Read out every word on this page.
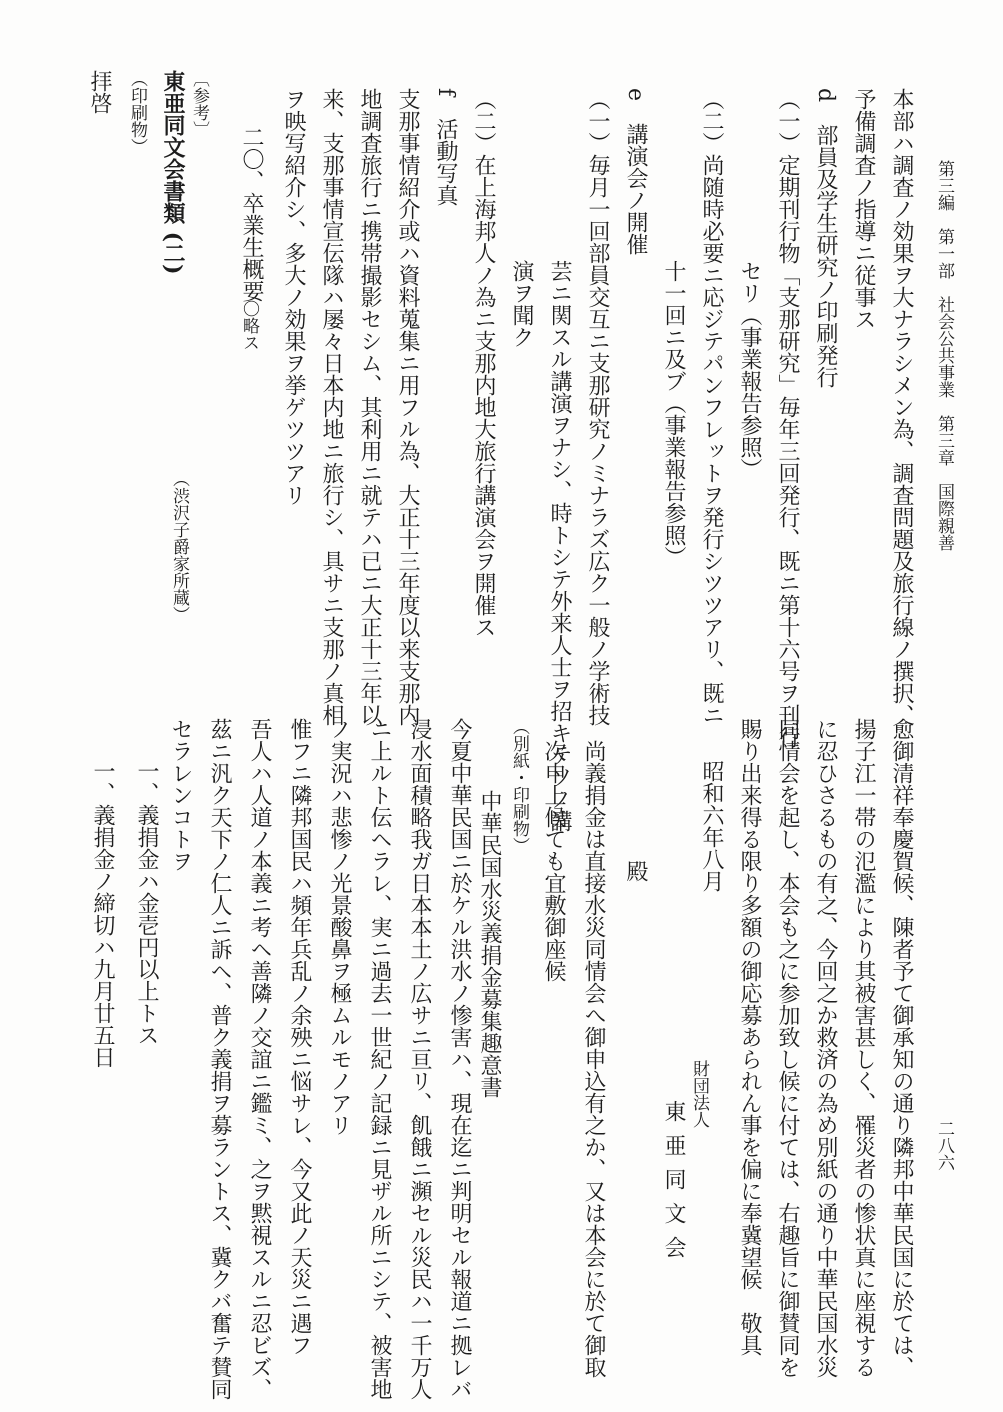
第三編　第一部　社会公共事業　第三章　国際親善
二八六
本部ハ調査ノ効果ヲ大ナラシメン為、調査問題及旅行線ノ撰択、
予備調査ノ指導ニ従事ス
d　部員及学生研究ノ印刷発行
（一）定期刊行物「支那研究」毎年三回発行、既ニ第十六号ヲ刊行
セリ（事業報告参照）
（二）尚随時必要ニ応ジテパンフレットヲ発行シツツアリ、既ニ
十一回ニ及ブ（事業報告参照）
e　講演会ノ開催
（一）毎月一回部員交互ニ支那研究ノミナラズ広ク一般ノ学術技
芸ニ関スル講演ヲナシ、時トシテ外来人士ヲ招キテソノ講
演ヲ聞ク
（二）在上海邦人ノ為ニ支那内地大旅行講演会ヲ開催ス
f　活動写真
支那事情紹介或ハ資料蒐集ニ用フル為、大正十三年度以来支那内
地調査旅行ニ携帯撮影セシム、其利用ニ就テハ已ニ大正十三年以
来、支那事情宣伝隊ハ屡々日本内地ニ旅行シ、具サニ支那ノ真相
ヲ映写紹介シ、多大ノ効果ヲ挙ゲツツアリ
二〇、卒業生概要
〇略ス
（渋沢子爵家所蔵）
〔参考〕
東亜同文会書類 (二)
（印刷物）
拝啓
愈御清祥奉慶賀候、陳者予て御承知の通り隣邦中華民国に於ては、
揚子江一帯の氾濫により其被害甚しく、罹災者の惨状真に座視する
に忍ひさるもの有之、今回之か救済の為め別紙の通り中華民国水災
同情会を起し、本会も之に参加致し候に付ては、右趣旨に御賛同を
賜り出来得る限り多額の御応募あられん事を偏に奉冀望候　敬具
昭和六年八月
財団法人
東亜同文会
殿
尚義捐金は直接水災同情会へ御申込有之か、又は本会に於て御取
次申上候ても宜敷御座候
（別紙・印刷物）
中華民国水災義捐金募集趣意書
今夏中華民国ニ於ケル洪水ノ惨害ハ、現在迄ニ判明セル報道ニ拠レバ
浸水面積略我ガ日本本土ノ広サニ亘リ、飢餓ニ瀕セル災民ハ一千万人
ニ上ルト伝ヘラレ、実ニ過去一世紀ノ記録ニ見ザル所ニシテ、被害地
ノ実況ハ悲惨ノ光景酸鼻ヲ極ムルモノアリ
惟フニ隣邦国民ハ頻年兵乱ノ余殃ニ悩サレ、今又此ノ天災ニ遇フ
吾人ハ人道ノ本義ニ考ヘ善隣ノ交誼ニ鑑ミ、之ヲ黙視スルニ忍ビズ、
茲ニ汎ク天下ノ仁人ニ訴ヘ、普ク義捐ヲ募ラントス、冀クバ奮テ賛同
セラレンコトヲ
一、義捐金ハ金壱円以上トス
一、義捐金ノ締切ハ九月廿五日
